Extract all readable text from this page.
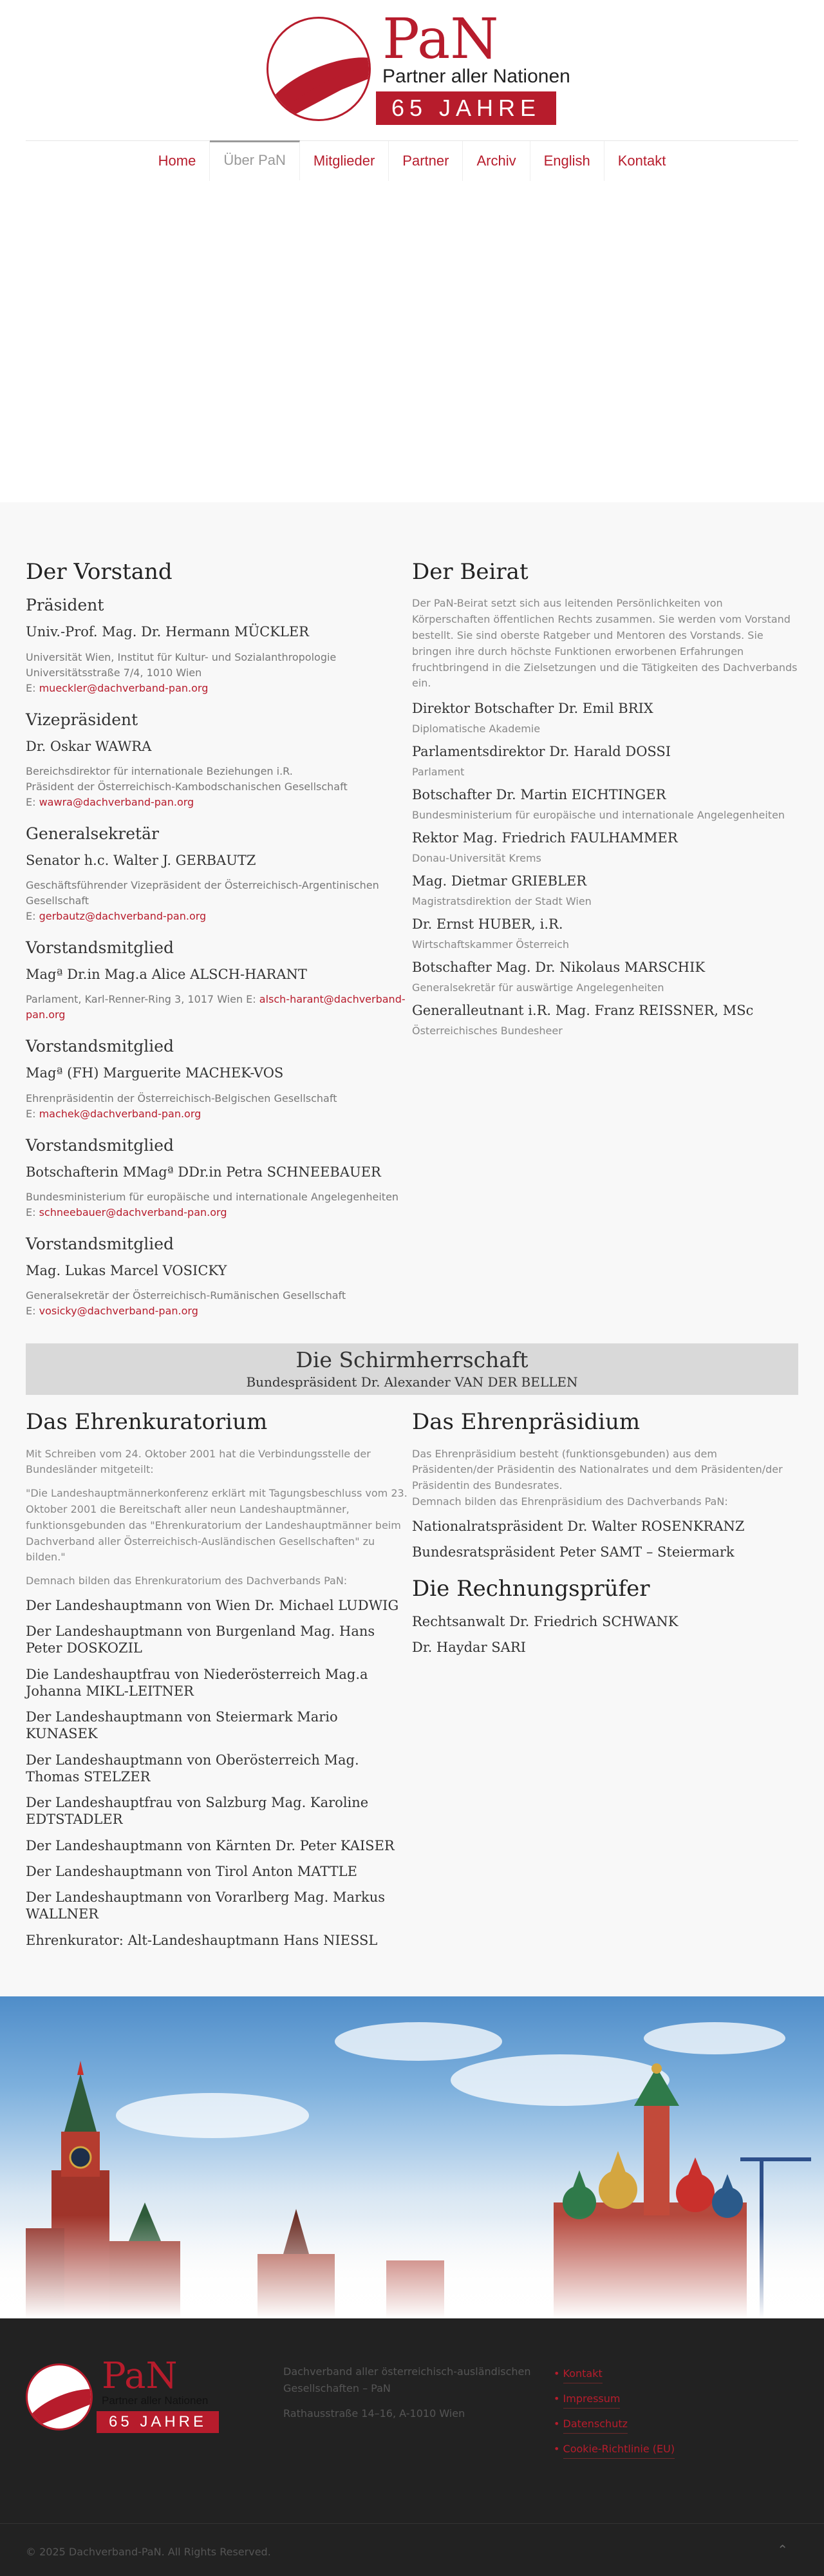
PaN
Partner aller Nationen
65 JAHRE
Home	Über PaN	Mitglieder	Partner	Archiv	English	Kontakt
Der Vorstand
Präsident
Univ.-Prof. Mag. Dr. Hermann MÜCKLER
Universität Wien, Institut für Kultur- und Sozialanthropologie
Universitätsstraße 7/4, 1010 Wien
E: mueckler@dachverband-pan.org
Vizepräsident
Dr. Oskar WAWRA
Bereichsdirektor für internationale Beziehungen i.R.
Präsident der Österreichisch-Kambodschanischen Gesellschaft
E: wawra@dachverband-pan.org
Generalsekretär
Senator h.c. Walter J. GERBAUTZ
Geschäftsführender Vizepräsident der Österreichisch-Argentinischen Gesellschaft
E: gerbautz@dachverband-pan.org
Vorstandsmitglied
Magª Dr.in Mag.a Alice ALSCH-HARANT
Parlament, Karl-Renner-Ring 3, 1017 Wien E: alsch-harant@dachverband-pan.org
Vorstandsmitglied
Magª (FH) Marguerite MACHEK-VOS
Ehrenpräsidentin der Österreichisch-Belgischen Gesellschaft
E: machek@dachverband-pan.org
Vorstandsmitglied
Botschafterin MMagª DDr.in Petra SCHNEEBAUER
Bundesministerium für europäische und internationale Angelegenheiten
E: schneebauer@dachverband-pan.org
Vorstandsmitglied
Mag. Lukas Marcel VOSICKY
Generalsekretär der Österreichisch-Rumänischen Gesellschaft
E: vosicky@dachverband-pan.org
Der Beirat

Der PaN-Beirat setzt sich aus leitenden Persönlichkeiten von Körperschaften öffentlichen Rechts zusammen. Sie werden vom Vorstand bestellt. Sie sind oberste Ratgeber und Mentoren des Vorstands. Sie bringen ihre durch höchste Funktionen erworbenen Erfahrungen fruchtbringend in die Zielsetzungen und die Tätigkeiten des Dachverbands ein.

Direktor Botschafter Dr. Emil BRIX
Diplomatische Akademie
Parlamentsdirektor Dr. Harald DOSSI
Parlament
Botschafter Dr. Martin EICHTINGER
Bundesministerium für europäische und internationale Angelegenheiten
Rektor Mag. Friedrich FAULHAMMER
Donau-Universität Krems
Mag. Dietmar GRIEBLER
Magistratsdirektion der Stadt Wien
Dr. Ernst HUBER, i.R.
Wirtschaftskammer Österreich
Botschafter Mag. Dr. Nikolaus MARSCHIK
Generalsekretär für auswärtige Angelegenheiten
Generalleutnant i.R. Mag. Franz REISSNER, MSc
Österreichisches Bundesheer
Die Schirmherrschaft
Bundespräsident Dr. Alexander VAN DER BELLEN
Das Ehrenkuratorium

Mit Schreiben vom 24. Oktober 2001 hat die Verbindungsstelle der Bundesländer mitgeteilt:

"Die Landeshauptmännerkonferenz erklärt mit Tagungsbeschluss vom 23. Oktober 2001 die Bereitschaft aller neun Landeshauptmänner, funktionsgebunden das "Ehrenkuratorium der Landeshauptmänner beim Dachverband aller Österreichisch-Ausländischen Gesellschaften" zu bilden."

Demnach bilden das Ehrenkuratorium des Dachverbands PaN:

Der Landeshauptmann von Wien Dr. Michael LUDWIG
Der Landeshauptmann von Burgenland Mag. Hans Peter DOSKOZIL
Die Landeshauptfrau von Niederösterreich Mag.a Johanna MIKL-LEITNER
Der Landeshauptmann von Steiermark Mario KUNASEK
Der Landeshauptmann von Oberösterreich Mag. Thomas STELZER
Der Landeshauptfrau von Salzburg Mag. Karoline EDTSTADLER
Der Landeshauptmann von Kärnten Dr. Peter KAISER
Der Landeshauptmann von Tirol Anton MATTLE
Der Landeshauptmann von Vorarlberg Mag. Markus WALLNER
Ehrenkurator: Alt-Landeshauptmann Hans NIESSL
Das Ehrenpräsidium

Das Ehrenpräsidium besteht (funktionsgebunden) aus dem Präsidenten/der Präsidentin des Nationalrates und dem Präsidenten/der Präsidentin des Bundesrates.

Demnach bilden das Ehrenpräsidium des Dachverbands PaN:

Nationalratspräsident Dr. Walter ROSENKRANZ
Bundesratspräsident Peter SAMT – Steiermark
Die Rechnungsprüfer
Rechtsanwalt Dr. Friedrich SCHWANK
Dr. Haydar SARI
PaN
Partner aller Nationen
65 JAHRE

Dachverband aller österreichisch-ausländischen Gesellschaften – PaN

Rathausstraße 14–16, A-1010 Wien

• Kontakt
• Impressum
• Datenschutz
• Cookie-Richtlinie (EU)
© 2025 Dachverband-PaN. All Rights Reserved.	⌃
